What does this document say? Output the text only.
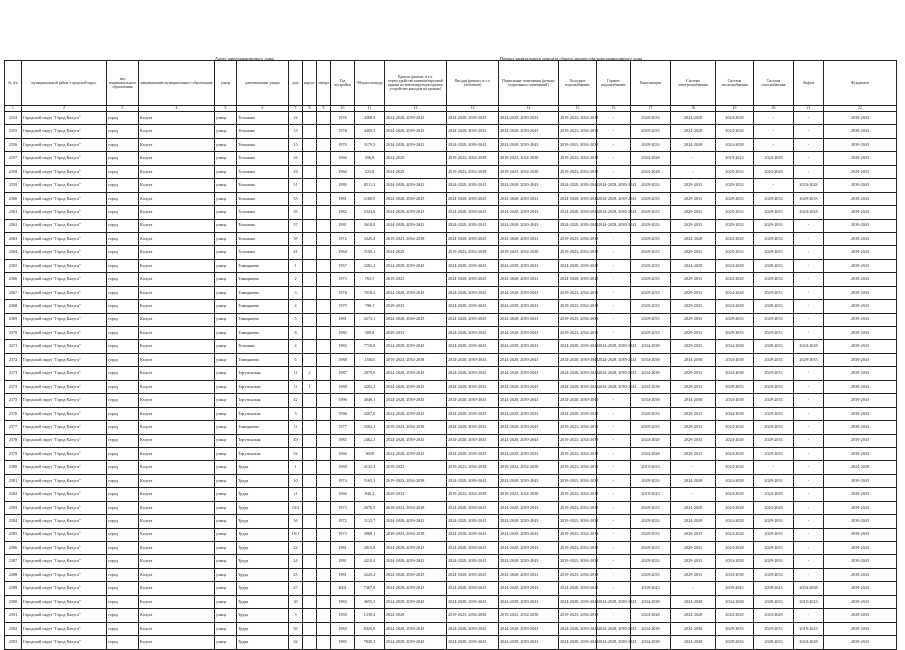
Адрес многоквартирного дома	Период капитального ремонта общего имущества многоквартирного дома
№ п/п	муниципальный район /городской округ	тип муниципального образования	наименование муниципального образования	улица	наименование улицы	дом	корпус	литера	Год постройки	Общая площадь	Кровля (ремонт, в т.ч. переустройство невентилируемой крыши на вентилируемую крышу, устройство выходов на кровлю)	Фасады (ремонт, в т.ч. утепление)	Подвальные помещения (ремонт подвальных помещений)	Холодное водоснабжение	Горячее водоснабжение	Канализация	Система электроснабжения	Система теплоснабжения	Система газоснабжения	Лифты	Фундамент
1	2	3	4	5	6	7	8	9	10	11	12	13	14	15	16	17	18	19	20	21	22
2354	Городской округ "Город Калуга"	город	Калуга	улица	Тельмана	12			1976	4368,5	2024-2028, 2039-2043	2024-2028, 2039-2043	2024-2028, 2039-2043	2019-2023, 2034-2038	-	2029-2033	2024-2028	2024-2028	-	-	2039-2043
2355	Городской округ "Город Калуга"	город	Калуга	улица	Тельмана	13			1978	4409,3	2024-2028, 2039-2043	2024-2028, 2039-2043	2024-2028, 2039-2043	2019-2023, 2034-2038	-	2029-2033	2024-2028	2024-2028	-	-	2039-2043
2356	Городской округ "Город Калуга"	город	Калуга	улица	Тельмана	15			1978	3179,5	2024-2028, 2039-2043	2024-2028, 2039-2043	2024-2028, 2039-2043	2019-2023, 2034-2038	-	2029-2033	2024-2028	2024-2028	-	-	2039-2043
2357	Городской округ "Город Калуга"	город	Калуга	улица	Тельмана	16			1960	596,8	2024-2028	2019-2023, 2034-2038	2019-2023, 2034-2038	2019-2023, 2034-2038	-	2024-2028	-	2019-2023	2024-2028	-	2029-2033
2358	Городской округ "Город Калуга"	город	Калуга	улица	Тельмана	18			1960	523,8	2024-2028	2019-2023, 2034-2038	2019-2023, 2034-2038	2019-2023, 2034-2038	-	2024-2028	-	2029-2033	2024-2028	-	2029-2033
2359	Городской округ "Город Калуга"	город	Калуга	улица	Тельмана	31			1980	8511,2	2024-2028, 2039-2043	2024-2028, 2039-2043	2024-2028, 2039-2043	2024-2028, 2039-2043	2024-2028, 2039-2043	2029-2033	2029-2033	2029-2033	-	2024-2028	2039-2043
2360	Городской округ "Город Калуга"	город	Калуга	улица	Тельмана	33			1981	2180,9	2024-2028, 2039-2043	2024-2028, 2039-2043	2024-2028, 2039-2043	2024-2028, 2039-2043	2024-2028, 2039-2043	2029-2033	2029-2033	2029-2033	2029-2033	2029-2033	2039-2043
2361	Городской округ "Город Калуга"	город	Калуга	улица	Тельмана	35			1982	5343,6	2024-2028, 2039-2043	2024-2028, 2039-2043	2024-2028, 2039-2043	2024-2028, 2039-2043	2024-2028, 2039-2043	2029-2033	2029-2033	2029-2033	2029-2033	2024-2028	2039-2043
2362	Городской округ "Город Калуга"	город	Калуга	улица	Тельмана	37			1981	2618,8	2024-2028, 2039-2043	2024-2028, 2039-2043	2024-2028, 2039-2043	2024-2028, 2039-2043	2024-2028, 2039-2043	2029-2033	2029-2033	2029-2033	2029-2033	-	2039-2043
2363	Городской округ "Город Калуга"	город	Калуга	улица	Тельмана	39			1972	3229,4	2019-2023, 2034-2038	2024-2028, 2039-2043	2024-2028, 2039-2043	2019-2023, 2034-2038	-	2029-2033	2024-2028	2024-2028	2029-2033	-	2039-2043
2364	Городской округ "Город Калуга"	город	Калуга	улица	Тельмана	41			1968	3158,1	2024-2028	2019-2023, 2034-2038	2019-2023, 2034-2038	2019-2023, 2034-2038	-	2029-2033	2029-2033	2029-2033	2029-2033	-	2039-2043
2365	Городской округ "Город Калуга"	город	Калуга	улица	Тимирязева	1			1957	3281,2	2024-2028, 2039-2043	2024-2028, 2039-2043	2024-2028, 2039-2043	2024-2028, 2039-2043	-	2029-2033	2024-2028	2024-2028	2029-2033	-	2039-2043
2366	Городской округ "Город Калуга"	город	Калуга	улица	Тимирязева	2			1973	763,5	2019-2023	2024-2028, 2039-2043	2024-2028, 2039-2043	2024-2028, 2039-2043	-	2029-2033	2029-2033	2024-2028	2029-2033	-	2039-2043
2367	Городской округ "Город Калуга"	город	Калуга	улица	Тимирязева	3			1978	7018,4	2024-2028, 2039-2043	2024-2028, 2039-2043	2024-2028, 2039-2043	2019-2023, 2034-2038	-	2029-2033	2029-2033	2024-2028	2029-2033	-	2039-2043
2368	Городской округ "Город Калуга"	город	Калуга	улица	Тимирязева	4			1979	796,1	2029-2033	2024-2028, 2039-2043	2024-2028, 2039-2043	2019-2023, 2034-2038	-	2029-2033	2029-2033	2024-2028	2029-2033	-	2039-2043
2369	Городской округ "Город Калуга"	город	Калуга	улица	Тимирязева	5			1981	4273,1	2024-2028, 2039-2043	2024-2028, 2039-2043	2024-2028, 2039-2043	2019-2023, 2034-2038	-	2029-2033	2029-2033	2029-2033	2029-2033	-	2039-2043
2370	Городской округ "Город Калуга"	город	Калуга	улица	Тимирязева	8			1980	589,8	2029-2033	2024-2028, 2039-2043	2024-2028, 2039-2043	2019-2023, 2034-2038	-	2029-2033	2029-2033	2029-2033	2029-2033	-	2039-2043
2371	Городской округ "Город Калуга"	город	Калуга	улица	Тельмана	4			1983	7718,8	2024-2028, 2039-2043	2024-2028, 2039-2043	2024-2028, 2039-2043	2024-2028, 2039-2043	2024-2028, 2039-2043	2034-2038	2029-2033	2034-2038	2029-2033	2024-2028	2039-2043
2372	Городской округ "Город Калуга"	город	Калуга	улица	Тимирязева	6			1988	13843	2019-2023, 2034-2038	2024-2028, 2039-2043	2024-2028, 2039-2043	2024-2028, 2039-2043	2024-2028, 2039-2043	2034-2038	2034-2038	2034-2038	2029-2033	2029-2033	2039-2043
2373	Городской округ "Город Калуга"	город	Калуга	улица	Тарутинская	11	2		1987	2879,6	2024-2028, 2039-2043	2024-2028, 2039-2043	2024-2028, 2039-2043	2024-2028, 2039-2043	2024-2028, 2039-2043	2034-2038	2029-2033	2034-2038	2029-2033	-	2039-2043
2374	Городской округ "Город Калуга"	город	Калуга	улица	Тарутинская	11	1		1988	2202,2	2024-2028, 2039-2043	2024-2028, 2039-2043	2024-2028, 2039-2043	2024-2028, 2039-2043	2024-2028, 2039-2043	2034-2038	2029-2033	2029-2033	2029-2033	-	2039-2043
2375	Городской округ "Город Калуга"	город	Калуга	улица	Тарутинская	42			1996	4046,1	2024-2028, 2039-2043	2024-2028, 2039-2043	2024-2028, 2039-2043	2024-2028, 2039-2043	-	2034-2038	2034-2038	2034-2038	2029-2033	-	2039-2043
2376	Городской округ "Город Калуга"	город	Калуга	улица	Тарутинская	5			1998	4207,6	2024-2028, 2039-2043	2024-2028, 2039-2043	2024-2028, 2039-2043	2024-2028, 2039-2043	-	2029-2033	2029-2033	2034-2038	2029-2033	-	2039-2043
2377	Городской округ "Город Калуга"	город	Калуга	улица	Тимирязева	11			1977	3382,1	2019-2023, 2034-2038	2024-2028, 2039-2043	2024-2028, 2039-2043	2019-2023, 2034-2038	-	2029-2033	2029-2033	2024-2028	2029-2033	-	2039-2043
2378	Городской округ "Город Калуга"	город	Калуга	улица	Тарутинская	49			1985	2462,3	2024-2028, 2039-2043	2024-2028, 2039-2043	2024-2028, 2039-2043	2019-2023, 2034-2038	-	2024-2028	2029-2033	2024-2028	2029-2033	-	2039-2043
2379	Городской округ "Город Калуга"	город	Калуга	улица	Тарутинская	52			1960	3608	2024-2028, 2039-2043	2024-2028, 2039-2043	2024-2028, 2039-2043	2019-2023, 2034-2038	-	2024-2028	2029-2033	2024-2028	2029-2033	-	2039-2043
2380	Городской округ "Город Калуга"	город	Калуга	улица	Труда	1			1960	4132,3	2019-2023	2019-2023, 2034-2038	2019-2023, 2034-2038	2019-2023, 2034-2038	-	2019-2023	-	2024-2028	-	-	2024-2028
2381	Городской округ "Город Калуга"	город	Калуга	улица	Труда	10			1974	5165,3	2019-2023, 2034-2038	2024-2028, 2039-2043	2024-2028, 2039-2043	2019-2023, 2034-2038	-	2029-2033	2024-2028	2024-2028	2029-2033	-	2039-2043
2382	Городской округ "Город Калуга"	город	Калуга	улица	Труда	11			1960	846,2	2029-2033	2019-2023, 2034-2038	2019-2023, 2034-2038	2019-2023, 2034-2038	-	2019-2023	-	2024-2028	2024-2028	-	2029-2033
2383	Городской округ "Город Калуга"	город	Калуга	улица	Труда	10/2			1973	2676,5	2019-2023, 2034-2038	2024-2028, 2039-2043	2024-2028, 2039-2043	2019-2023, 2034-2038	-	2029-2033	2024-2028	2024-2028	2024-2028	-	2039-2043
2384	Городской округ "Город Калуга"	город	Калуга	улица	Труда	16			1972	3132,7	2024-2028, 2039-2043	2024-2028, 2039-2043	2024-2028, 2039-2043	2019-2023, 2034-2038	-	2029-2033	2024-2028	2024-2028	2029-2033	-	2039-2043
2385	Городской округ "Город Калуга"	город	Калуга	улица	Труда	19/1			1973	3988,1	2019-2023, 2034-2038	2024-2028, 2039-2043	2024-2028, 2039-2043	2019-2023, 2034-2038	-	2029-2033	2029-2033	2024-2028	2029-2033	-	2039-2043
2386	Городской округ "Город Калуга"	город	Калуга	улица	Труда	22			1981	2813,9	2024-2028, 2039-2043	2024-2028, 2039-2043	2024-2028, 2039-2043	2019-2023, 2034-2038	-	2029-2033	2029-2033	2024-2028	2029-2033	-	2039-2043
2387	Городской округ "Город Калуга"	город	Калуга	улица	Труда	24			1981	4210,4	2024-2028, 2039-2043	2024-2028, 2039-2043	2024-2028, 2039-2043	2019-2023, 2034-2038	-	2029-2033	2029-2033	2034-2038	2029-2033	-	2039-2043
2388	Городской округ "Город Калуга"	город	Калуга	улица	Труда	25			1981	4220,4	2024-2028, 2039-2043	2024-2028, 2039-2043	2024-2028, 2039-2043	2019-2023, 2034-2038	-	2029-2033	2029-2033	2034-2038	2029-2033	-	2039-2043
2389	Городской округ "Город Калуга"	город	Калуга	улица	Труда	27			2001	7367,8	2024-2028, 2039-2043	2024-2028, 2039-2043	2024-2028, 2039-2043	2024-2028, 2039-2043	-	2039-2043	-	2039-2043	2039-2043	2034-2038	2039-2043
2390	Городской округ "Город Калуга"	город	Калуга	улица	Труда	30			1984	4659,3	2024-2028, 2039-2043	2024-2028, 2039-2043	2024-2028, 2039-2043	2024-2028, 2039-2043	2024-2028, 2039-2043	2034-2038	2034-2038	2034-2038	2029-2033	2019-2023	2039-2043
2391	Городской округ "Город Калуга"	город	Калуга	улица	Труда	3			1958	1230,4	2024-2028	2019-2023, 2034-2038	2019-2023, 2034-2038	2019-2023, 2034-2038	-	2024-2028	2024-2028	2024-2028	2024-2028	-	2029-2033
2392	Городской округ "Город Калуга"	город	Калуга	улица	Труда	36			1984	8420,8	2024-2028, 2039-2043	2024-2028, 2039-2043	2024-2028, 2039-2043	2024-2028, 2039-2043	2024-2028, 2039-2043	2034-2038	2034-2038	2029-2033	2029-2033	2019-2023	2039-2043
2393	Городской округ "Город Калуга"	город	Калуга	улица	Труда	32			1985	7830,3	2024-2028, 2039-2043	2024-2028, 2039-2043	2024-2028, 2039-2043	2024-2028, 2039-2043	2024-2028, 2039-2043	2034-2038	2034-2038	2029-2033	2029-2033	2024-2028	2039-2043
